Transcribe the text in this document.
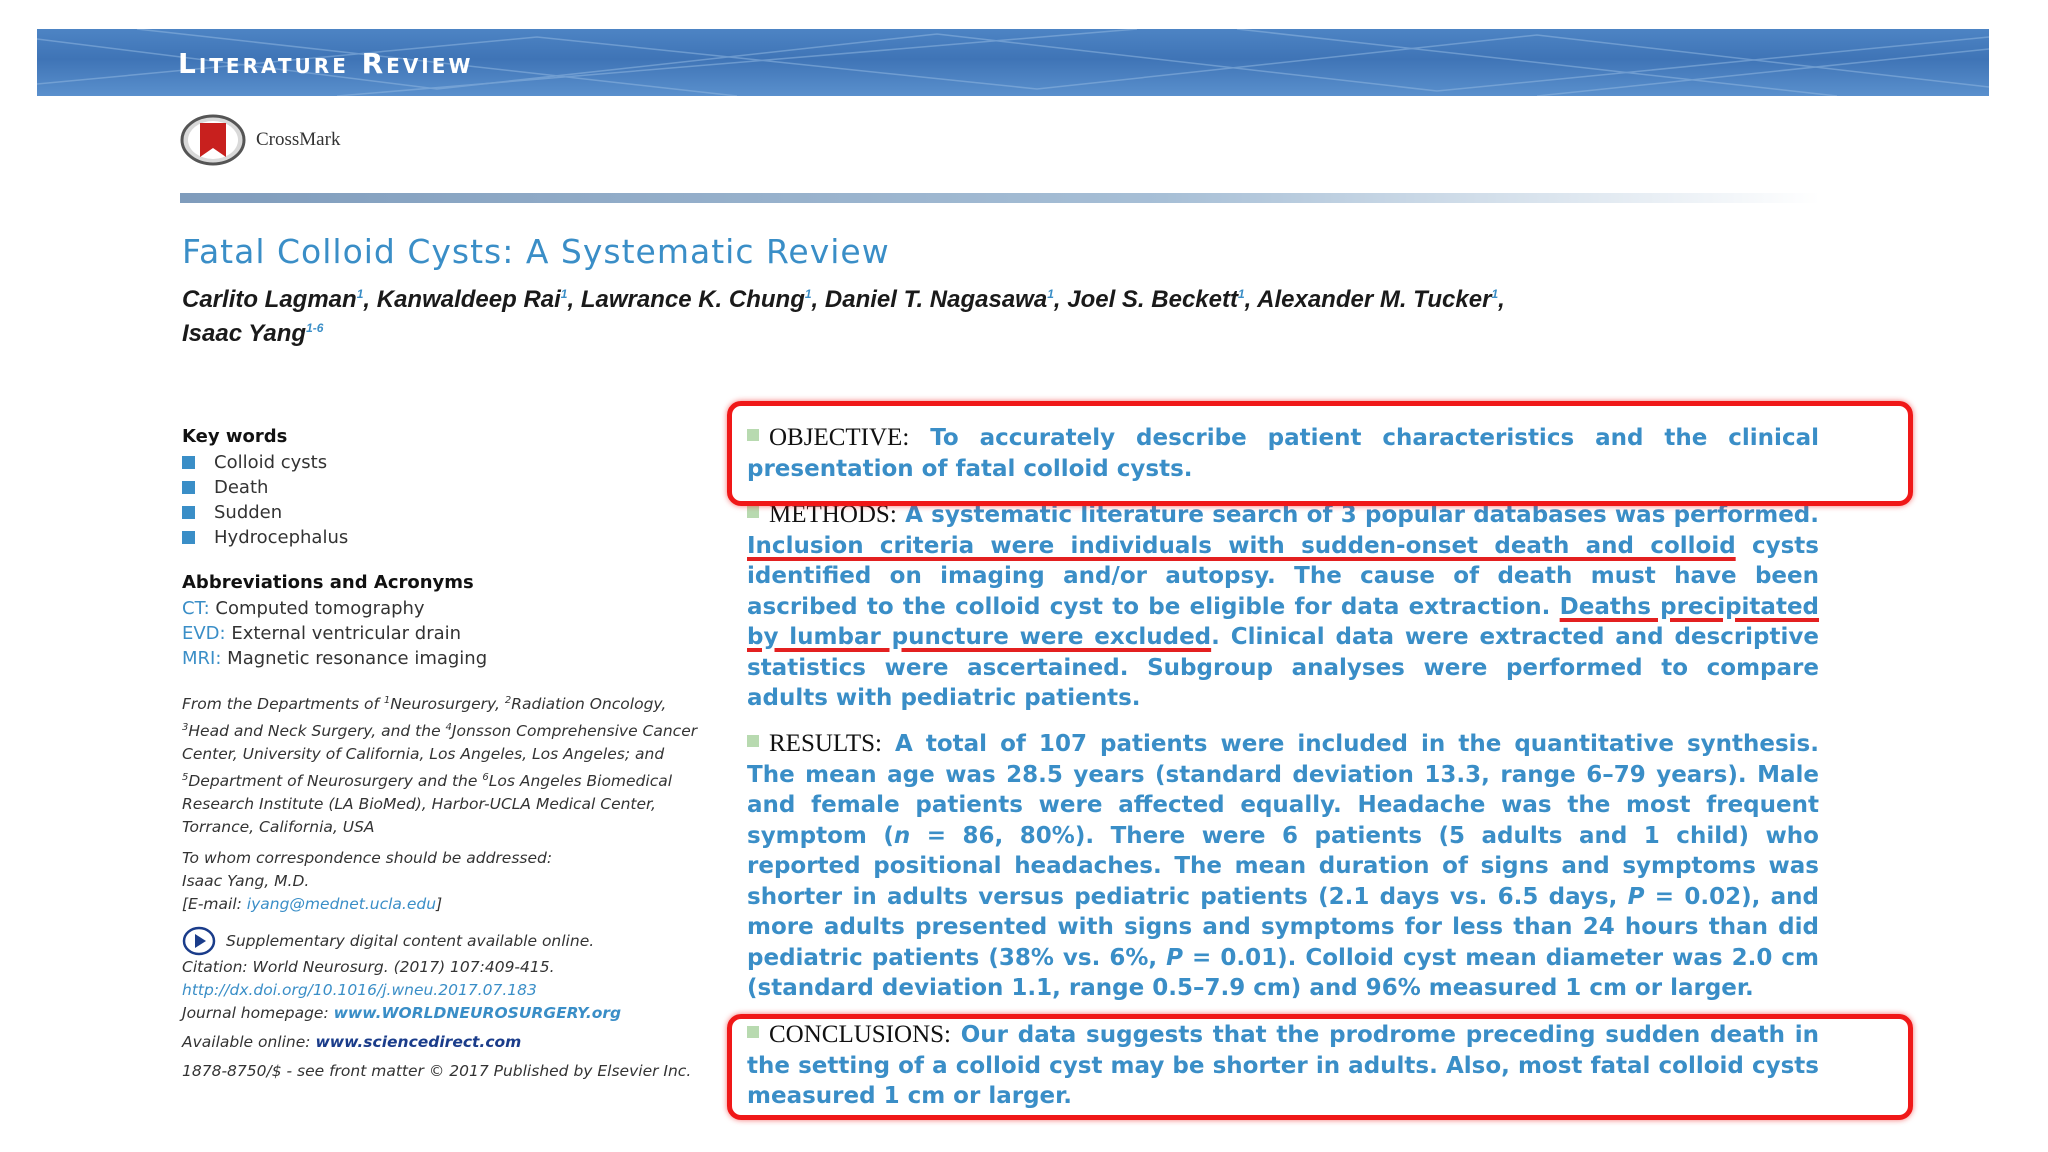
Literature Review
CrossMark
Fatal Colloid Cysts: A Systematic Review
Carlito Lagman$^1$, Kanwaldeep Rai$^1$, Lawrance K. Chung$^1$, Daniel T. Nagasawa$^1$, Joel S. Beckett$^1$, Alexander M. Tucker$^1$,
Isaac Yang$^{1-6}$
Key words
Colloid cysts
Death
Sudden
Hydrocephalus
Abbreviations and Acronyms
CT: Computed tomography
EVD: External ventricular drain
MRI: Magnetic resonance imaging
From the Departments of $^1$Neurosurgery, $^2$Radiation Oncology, $^3$Head and Neck Surgery, and the $^4$Jonsson Comprehensive Cancer Center, University of California, Los Angeles, Los Angeles; and $^5$Department of Neurosurgery and the $^6$Los Angeles Biomedical Research Institute (LA BioMed), Harbor-UCLA Medical Center, Torrance, California, USA
To whom correspondence should be addressed:
Isaac Yang, M.D.
[E-mail: iyang@mednet.ucla.edu]
Supplementary digital content available online.
Citation: World Neurosurg. (2017) 107:409-415.
http://dx.doi.org/10.1016/j.wneu.2017.07.183
Journal homepage: www.WORLDNEUROSURGERY.org
Available online: www.sciencedirect.com
1878-8750/$ - see front matter © 2017 Published by Elsevier Inc.
OBJECTIVE: To accurately describe patient characteristics and the clinical presentation of fatal colloid cysts.
METHODS: A systematic literature search of 3 popular databases was performed. Inclusion criteria were individuals with sudden-onset death and colloid cysts identified on imaging and/or autopsy. The cause of death must have been ascribed to the colloid cyst to be eligible for data extraction. Deaths precipitated by lumbar puncture were excluded. Clinical data were extracted and descriptive statistics were ascertained. Subgroup analyses were performed to compare adults with pediatric patients.
RESULTS: A total of 107 patients were included in the quantitative synthesis. The mean age was 28.5 years (standard deviation 13.3, range 6–79 years). Male and female patients were affected equally. Headache was the most frequent symptom (n = 86, 80%). There were 6 patients (5 adults and 1 child) who reported positional headaches. The mean duration of signs and symptoms was shorter in adults versus pediatric patients (2.1 days vs. 6.5 days, P = 0.02), and more adults presented with signs and symptoms for less than 24 hours than did pediatric patients (38% vs. 6%, P = 0.01). Colloid cyst mean diameter was 2.0 cm (standard deviation 1.1, range 0.5–7.9 cm) and 96% measured 1 cm or larger.
CONCLUSIONS: Our data suggests that the prodrome preceding sudden death in the setting of a colloid cyst may be shorter in adults. Also, most fatal colloid cysts measured 1 cm or larger.
